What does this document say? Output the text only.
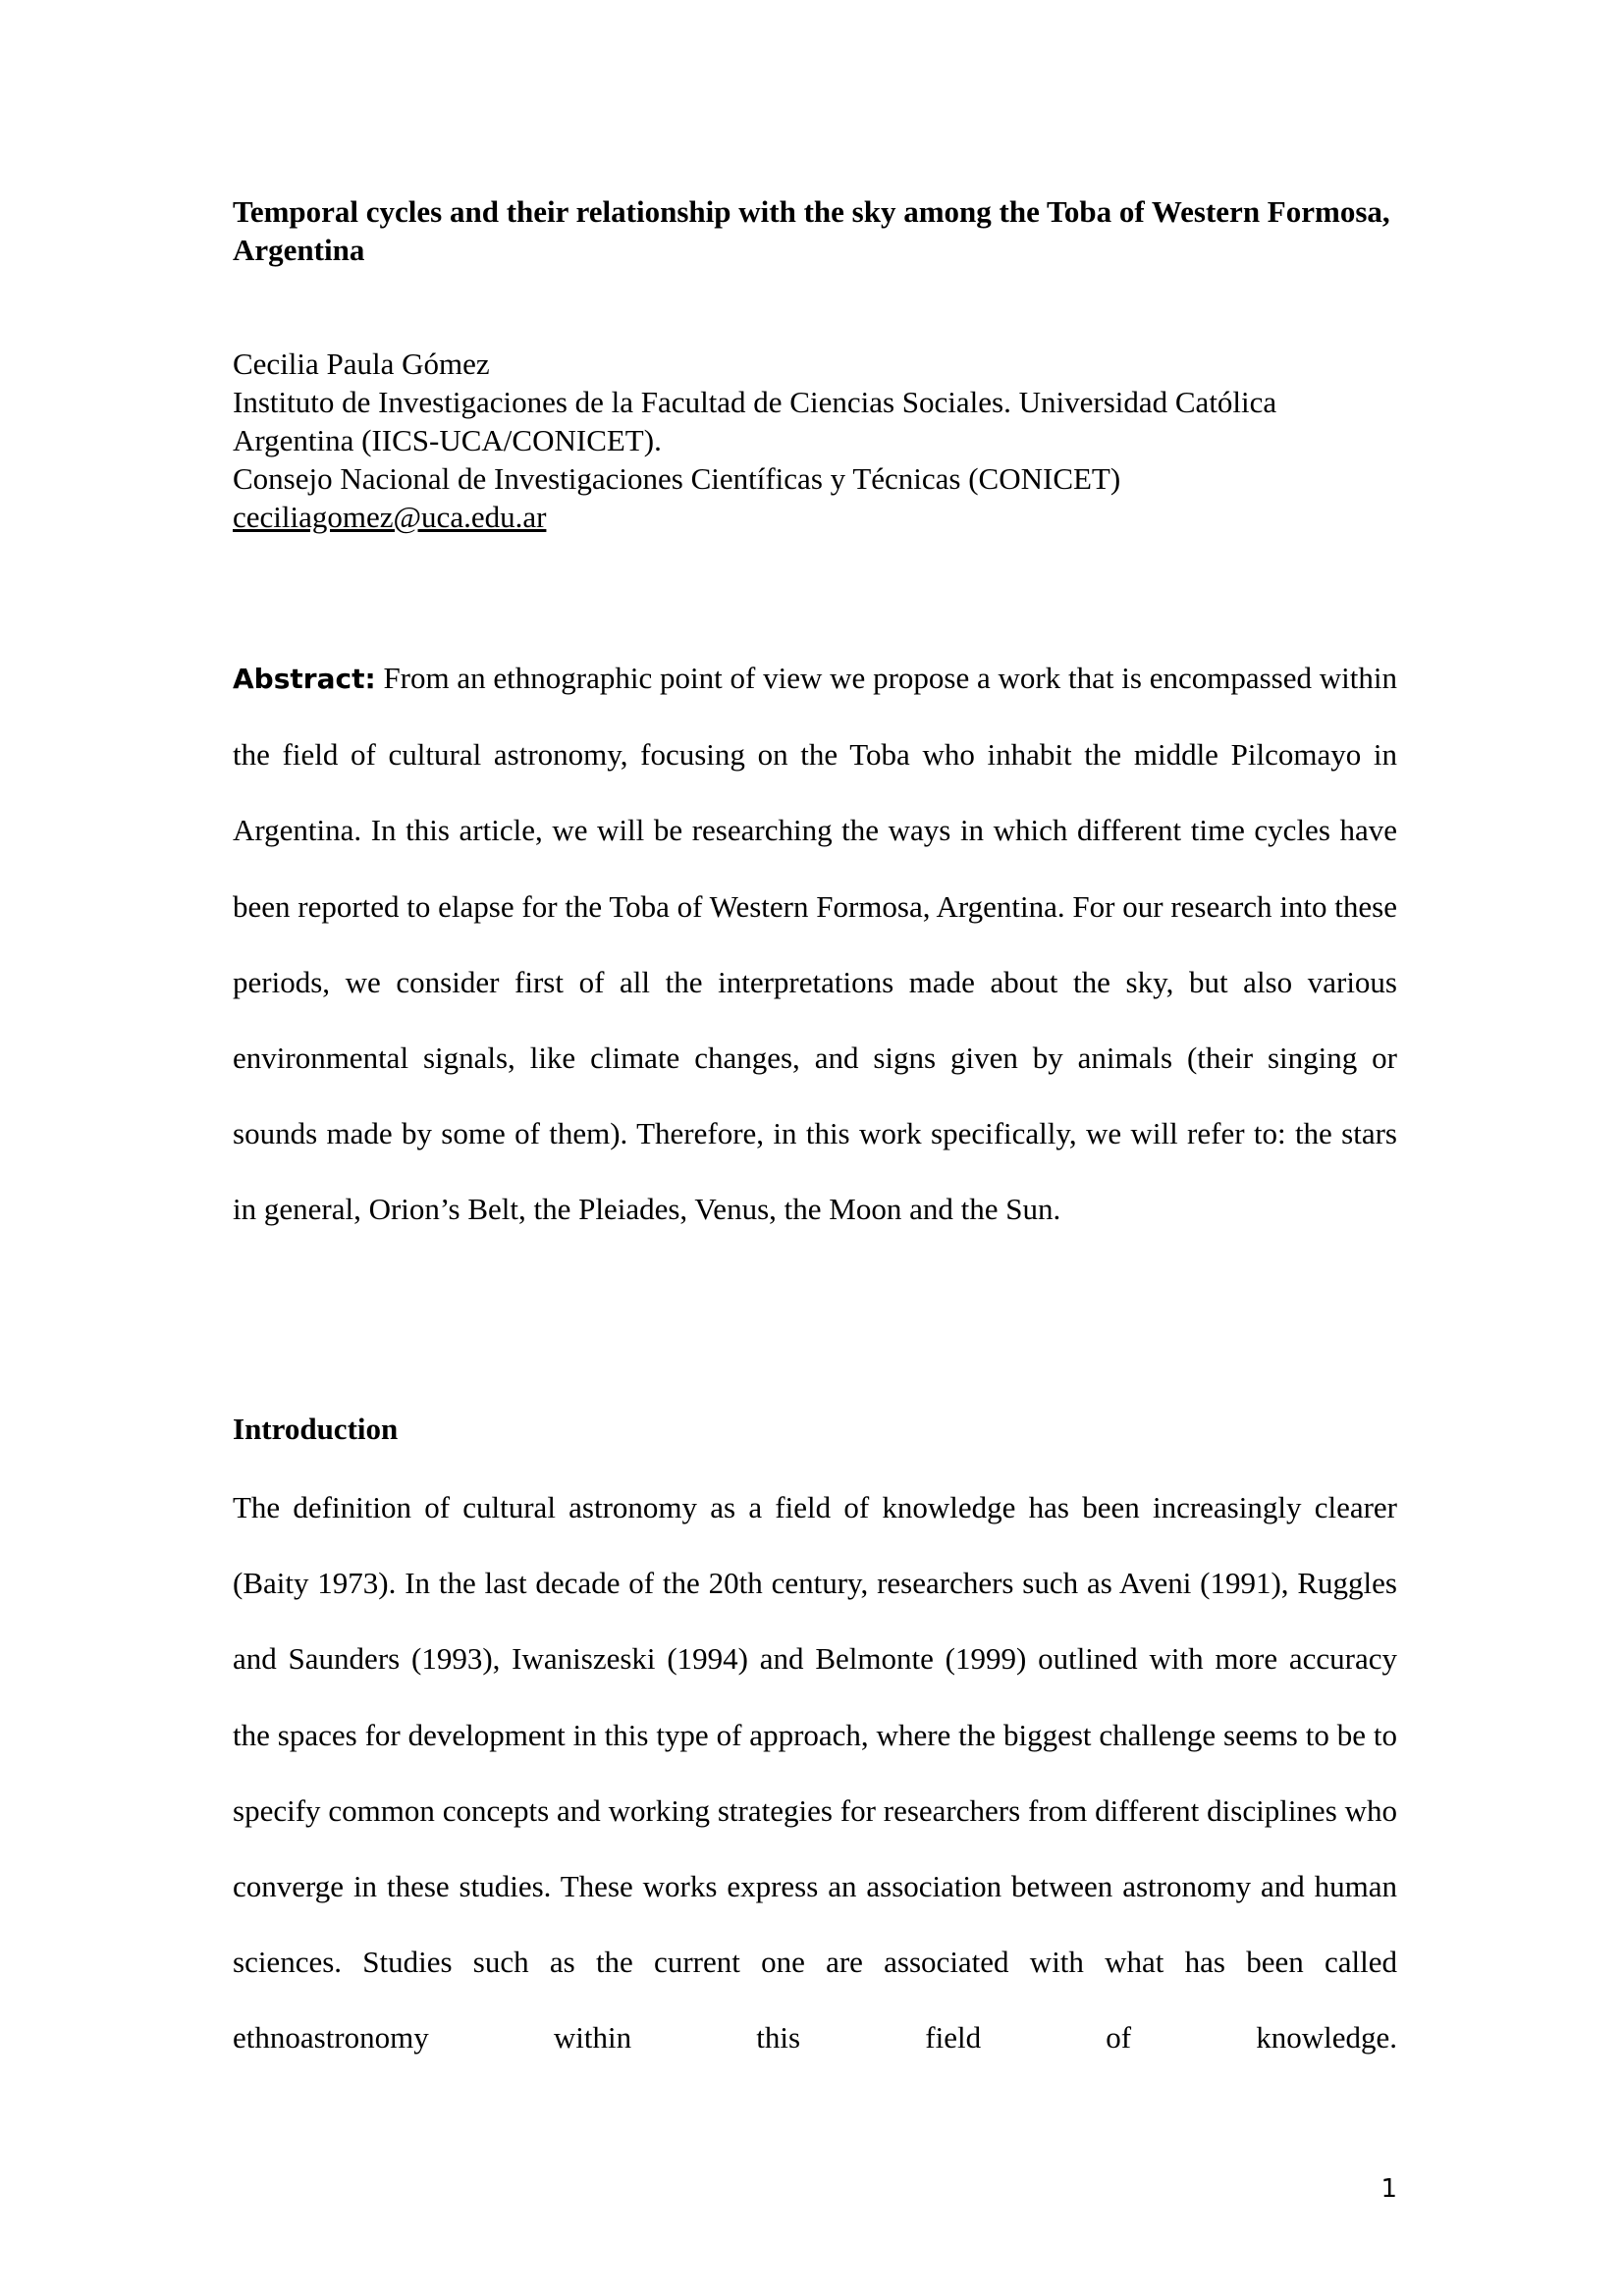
Temporal cycles and their relationship with the sky among the Toba of Western Formosa, Argentina
Cecilia Paula Gómez
Instituto de Investigaciones de la Facultad de Ciencias Sociales. Universidad Católica
Argentina (IICS-UCA/CONICET).
Consejo Nacional de Investigaciones Científicas y Técnicas (CONICET)
ceciliagomez@uca.edu.ar

Abstract: From an ethnographic point of view we propose a work that is encompassed within the field of cultural astronomy, focusing on the Toba who inhabit the middle Pilcomayo in Argentina. In this article, we will be researching the ways in which different time cycles have been reported to elapse for the Toba of Western Formosa, Argentina. For our research into these periods, we consider first of all the interpretations made about the sky, but also various environmental signals, like climate changes, and signs given by animals (their singing or sounds made by some of them). Therefore, in this work specifically, we will refer to: the stars in general, Orion’s Belt, the Pleiades, Venus, the Moon and the Sun.

Introduction

The definition of cultural astronomy as a field of knowledge has been increasingly clearer (Baity 1973). In the last decade of the 20th century, researchers such as Aveni (1991), Ruggles and Saunders (1993), Iwaniszeski (1994) and Belmonte (1999) outlined with more accuracy the spaces for development in this type of approach, where the biggest challenge seems to be to specify common concepts and working strategies for researchers from different disciplines who converge in these studies. These works express an association between astronomy and human sciences. Studies such as the current one are associated with what has been called ethnoastronomy within this field of knowledge.

1
